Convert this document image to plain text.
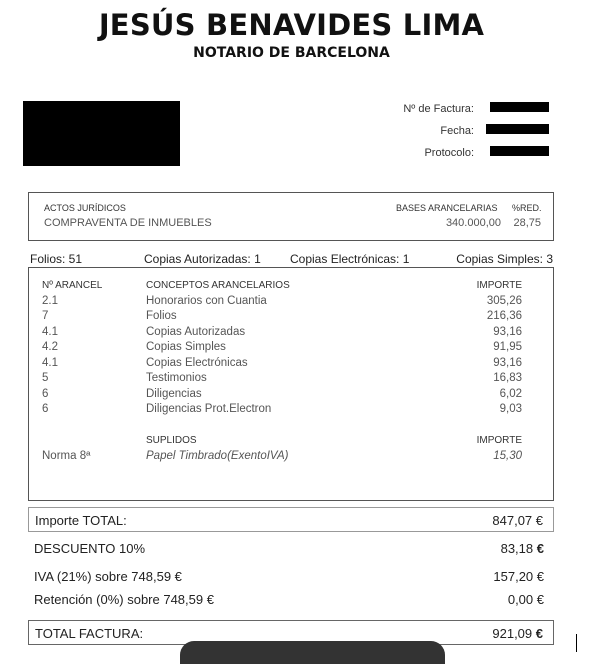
JESÚS BENAVIDES LIMA
NOTARIO DE BARCELONA
Nº de Factura:
Fecha:
Protocolo:
ACTOS JURÍDICOS	BASES ARANCELARIAS %RED.
COMPRAVENTA DE INMUEBLES	340.000,00	28,75
Folios: 51	Copias Autorizadas: 1 Copias Electrónicas: 1	Copias Simples: 3
Nº ARANCEL	CONCEPTOS ARANCELARIOS	IMPORTE
2.1	Honorarios con Cuantia	305,26
7	Folios	216,36
4.1	Copias Autorizadas	93,16
4.2	Copias Simples	91,95
4.1	Copias Electrónicas	93,16
5	Testimonios	16,83
6	Diligencias	6,02
6	Diligencias Prot.Electron	9,03

	SUPLIDOS	IMPORTE
Norma 8ª	Papel Timbrado(ExentoIVA)	15,30
Importe TOTAL:	847,07 €
DESCUENTO 10%	83,18 €
IVA (21%) sobre 748,59 €	157,20 €
Retención (0%) sobre 748,59 €	0,00 €
TOTAL FACTURA:	921,09 €
